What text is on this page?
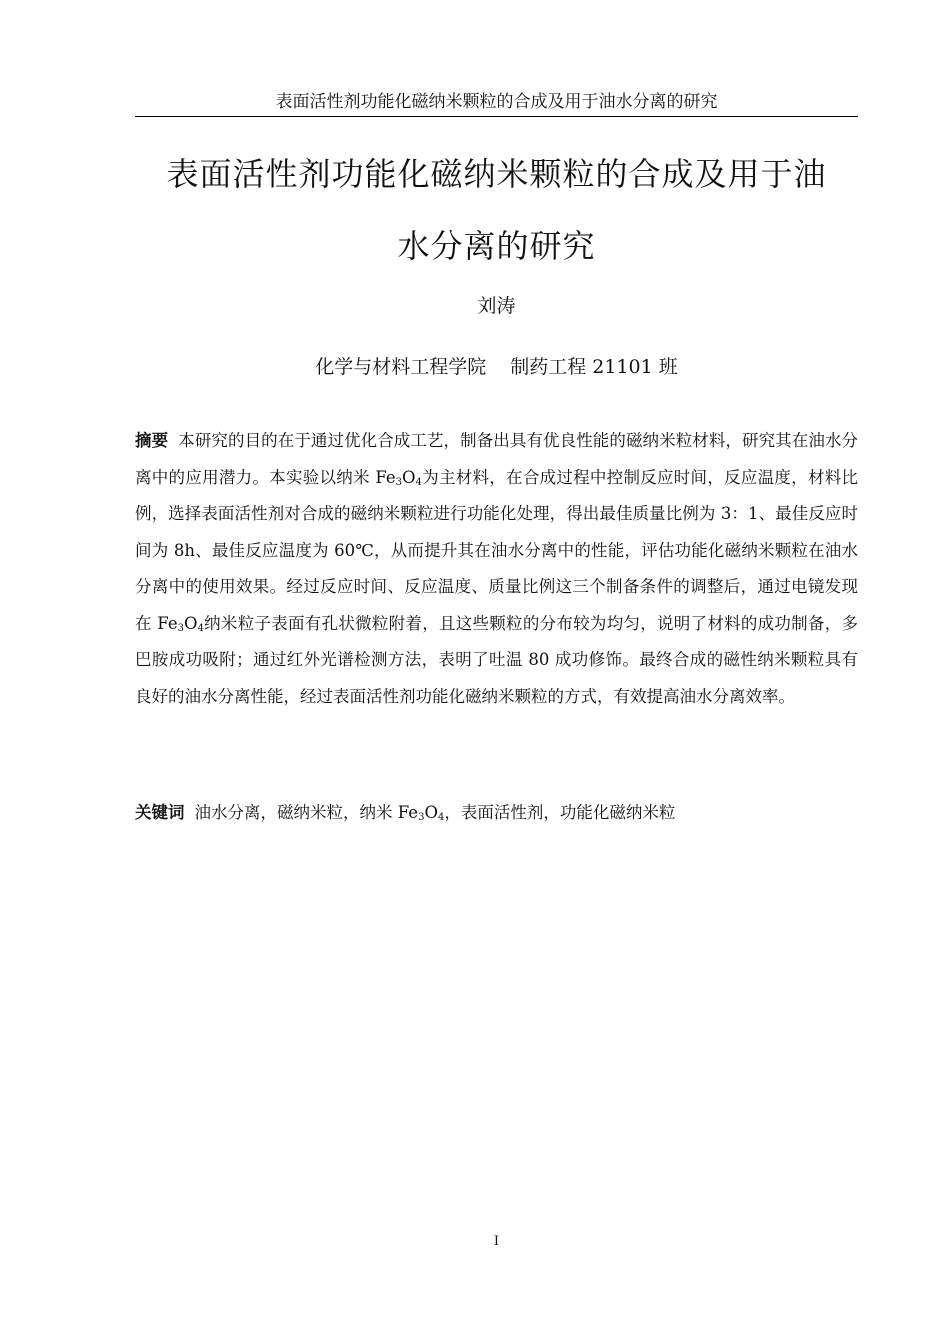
表面活性剂功能化磁纳米颗粒的合成及用于油水分离的研究
表面活性剂功能化磁纳米颗粒的合成及用于油
水分离的研究
刘涛
化学与材料工程学院 制药工程 21101 班

摘要 本研究的目的在于通过优化合成工艺，制备出具有优良性能的磁纳米粒材料，研究其在油水分离中的应用潜力。本实验以纳米 $Fe_3O_4$为主材料，在合成过程中控制反应时间，反应温度，材料比例，选择表面活性剂对合成的磁纳米颗粒进行功能化处理，得出最佳质量比例为 3：1、最佳反应时间为 8h、最佳反应温度为 60℃，从而提升其在油水分离中的性能，评估功能化磁纳米颗粒在油水分离中的使用效果。经过反应时间、反应温度、质量比例这三个制备条件的调整后，通过电镜发现在 $Fe_3O_4$纳米粒子表面有孔状微粒附着，且这些颗粒的分布较为均匀，说明了材料的成功制备，多巴胺成功吸附；通过红外光谱检测方法，表明了吐温 80 成功修饰。最终合成的磁性纳米颗粒具有良好的油水分离性能，经过表面活性剂功能化磁纳米颗粒的方式，有效提高油水分离效率。

关键词 油水分离，磁纳米粒，纳米 $Fe_3O_4$，表面活性剂，功能化磁纳米粒

I
